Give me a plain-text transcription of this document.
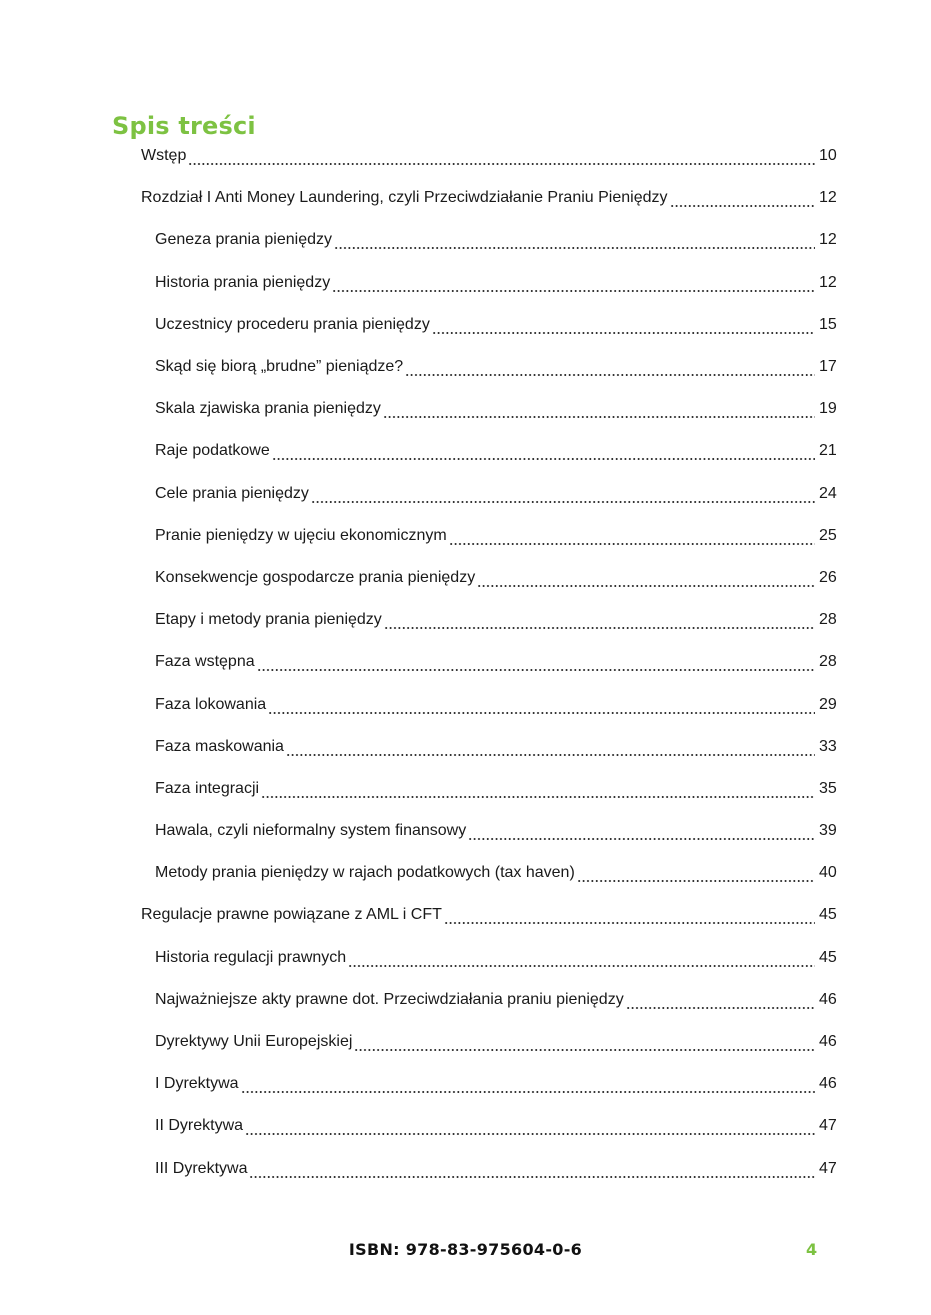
Spis treści
Wstęp	10
Rozdział I Anti Money Laundering, czyli Przeciwdziałanie Praniu Pieniędzy	12
Geneza prania pieniędzy	12
Historia prania pieniędzy	12
Uczestnicy procederu prania pieniędzy	15
Skąd się biorą „brudne” pieniądze?	17
Skala zjawiska prania pieniędzy	19
Raje podatkowe	21
Cele prania pieniędzy	24
Pranie pieniędzy w ujęciu ekonomicznym	25
Konsekwencje gospodarcze prania pieniędzy	26
Etapy i metody prania pieniędzy	28
Faza wstępna	28
Faza lokowania	29
Faza maskowania	33
Faza integracji	35
Hawala, czyli nieformalny system finansowy	39
Metody prania pieniędzy w rajach podatkowych (tax haven)	40
Regulacje prawne powiązane z AML i CFT	45
Historia regulacji prawnych	45
Najważniejsze akty prawne dot. Przeciwdziałania praniu pieniędzy	46
Dyrektywy Unii Europejskiej	46
I Dyrektywa	46
II Dyrektywa	47
III Dyrektywa	47
ISBN: 978-83-975604-0-6	4
